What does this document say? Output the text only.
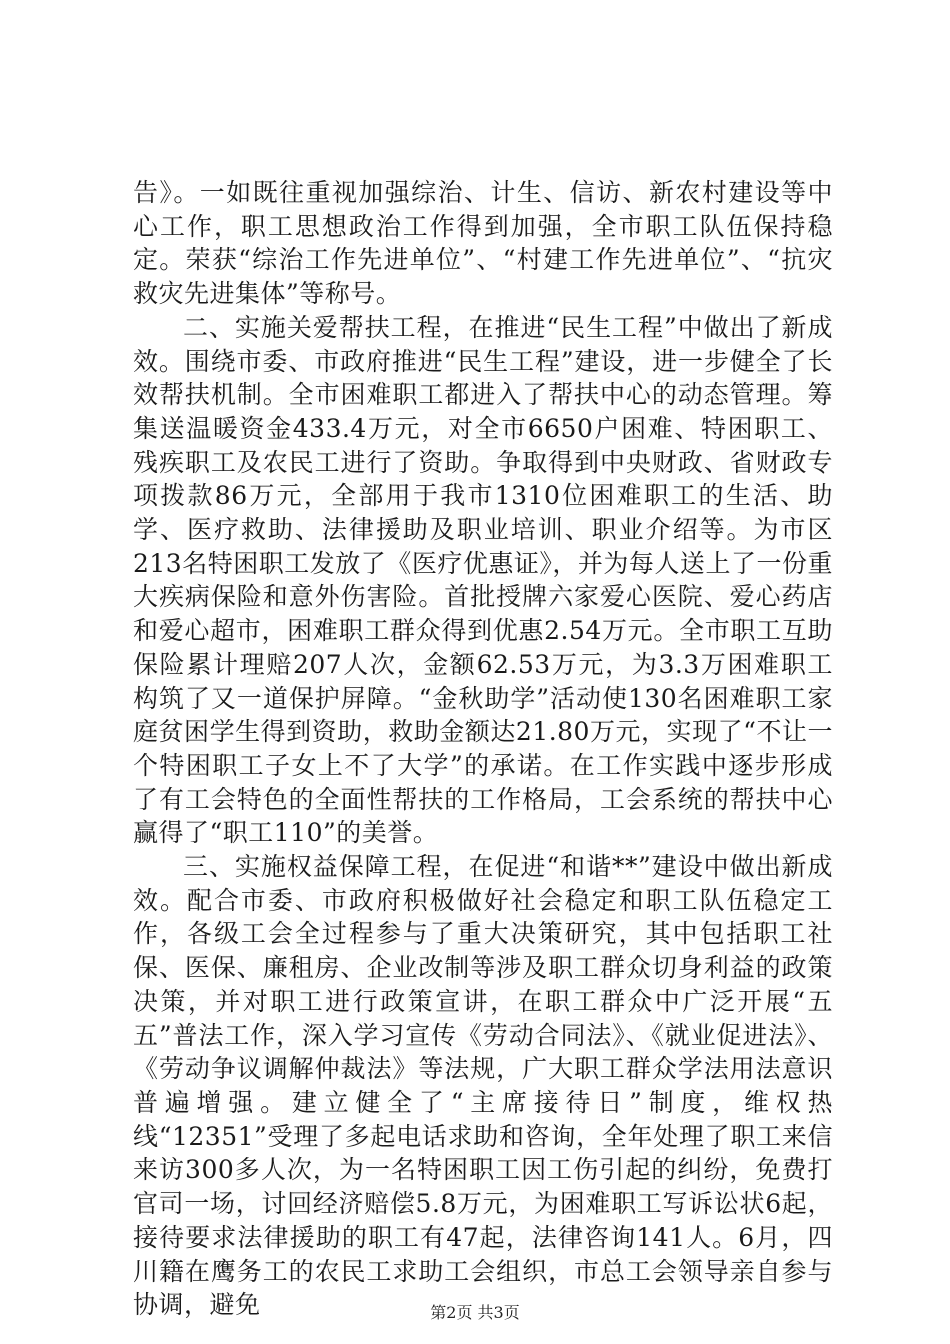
告》。一如既往重视加强综治、计生、信访、新农村建设等中心工作，职工思想政治工作得到加强，全市职工队伍保持稳定。荣获“综治工作先进单位”、“村建工作先进单位”、“抗灾救灾先进集体”等称号。

二、实施关爱帮扶工程，在推进“民生工程”中做出了新成效。围绕市委、市政府推进“民生工程”建设，进一步健全了长效帮扶机制。全市困难职工都进入了帮扶中心的动态管理。筹集送温暖资金433.4万元，对全市6650户困难、特困职工、残疾职工及农民工进行了资助。争取得到中央财政、省财政专项拨款86万元，全部用于我市1310位困难职工的生活、助学、医疗救助、法律援助及职业培训、职业介绍等。为市区213名特困职工发放了《医疗优惠证》，并为每人送上了一份重大疾病保险和意外伤害险。首批授牌六家爱心医院、爱心药店和爱心超市，困难职工群众得到优惠2.54万元。全市职工互助保险累计理赔207人次，金额62.53万元，为3.3万困难职工构筑了又一道保护屏障。“金秋助学”活动使130名困难职工家庭贫困学生得到资助，救助金额达21.80万元，实现了“不让一个特困职工子女上不了大学”的承诺。在工作实践中逐步形成了有工会特色的全面性帮扶的工作格局，工会系统的帮扶中心赢得了“职工110”的美誉。

三、实施权益保障工程，在促进“和谐**”建设中做出新成效。配合市委、市政府积极做好社会稳定和职工队伍稳定工作，各级工会全过程参与了重大决策研究，其中包括职工社保、医保、廉租房、企业改制等涉及职工群众切身利益的政策决策，并对职工进行政策宣讲，在职工群众中广泛开展“五五”普法工作，深入学习宣传《劳动合同法》、《就业促进法》、《劳动争议调解仲裁法》等法规，广大职工群众学法用法意识普遍增强。建立健全了“主席接待日”制度，维权热线“12351”受理了多起电话求助和咨询，全年处理了职工来信来访300多人次，为一名特困职工因工伤引起的纠纷，免费打官司一场，讨回经济赔偿5.8万元，为困难职工写诉讼状6起，接待要求法律援助的职工有47起，法律咨询141人。6月，四川籍在鹰务工的农民工求助工会组织，市总工会领导亲自参与协调，避免	第2页 共3页
